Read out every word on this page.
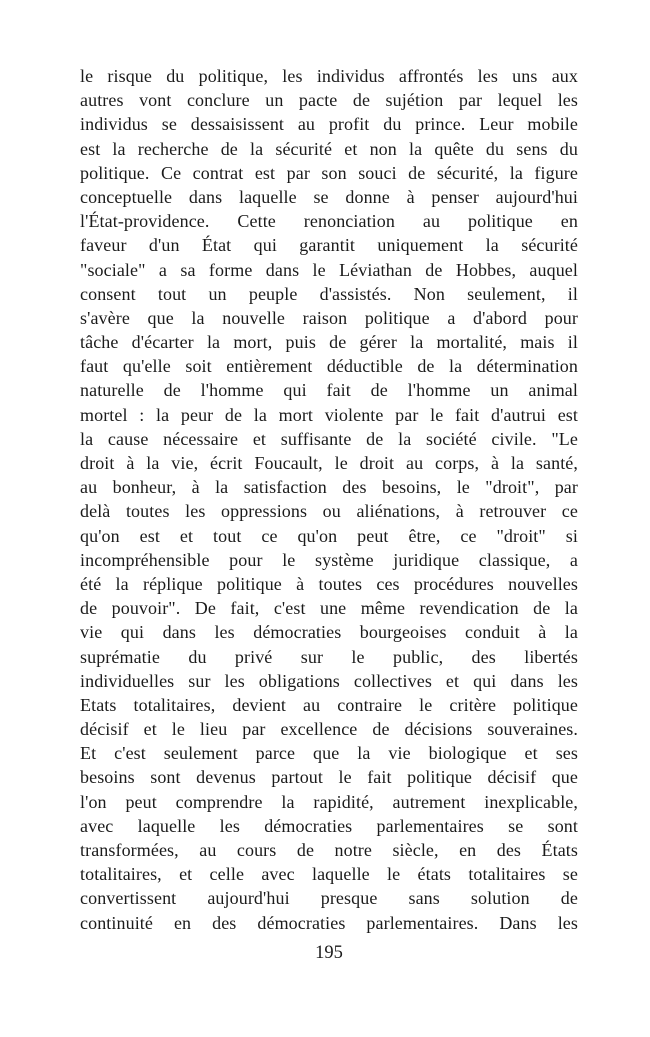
le risque du politique, les individus affrontés les uns aux
autres vont conclure un pacte de sujétion par lequel les
individus se dessaisissent au profit du prince. Leur mobile
est la recherche de la sécurité et non la quête du sens du
politique. Ce contrat est par son souci de sécurité, la figure
conceptuelle dans laquelle se donne à penser aujourd'hui
l'État-providence. Cette renonciation au politique en
faveur d'un État qui garantit uniquement la sécurité
"sociale" a sa forme dans le Léviathan de Hobbes, auquel
consent tout un peuple d'assistés. Non seulement, il
s'avère que la nouvelle raison politique a d'abord pour
tâche d'écarter la mort, puis de gérer la mortalité, mais il
faut qu'elle soit entièrement déductible de la détermination
naturelle de l'homme qui fait de l'homme un animal
mortel : la peur de la mort violente par le fait d'autrui est
la cause nécessaire et suffisante de la société civile. "Le
droit à la vie, écrit Foucault, le droit au corps, à la santé,
au bonheur, à la satisfaction des besoins, le "droit", par
delà toutes les oppressions ou aliénations, à retrouver ce
qu'on est et tout ce qu'on peut être, ce "droit" si
incompréhensible pour le système juridique classique, a
été la réplique politique à toutes ces procédures nouvelles
de pouvoir". De fait, c'est une même revendication de la
vie qui dans les démocraties bourgeoises conduit à la
suprématie du privé sur le public, des libertés
individuelles sur les obligations collectives et qui dans les
Etats totalitaires, devient au contraire le critère politique
décisif et le lieu par excellence de décisions souveraines.
Et c'est seulement parce que la vie biologique et ses
besoins sont devenus partout le fait politique décisif que
l'on peut comprendre la rapidité, autrement inexplicable,
avec laquelle les démocraties parlementaires se sont
transformées, au cours de notre siècle, en des États
totalitaires, et celle avec laquelle le états totalitaires se
convertissent aujourd'hui presque sans solution de
continuité en des démocraties parlementaires. Dans les
195
